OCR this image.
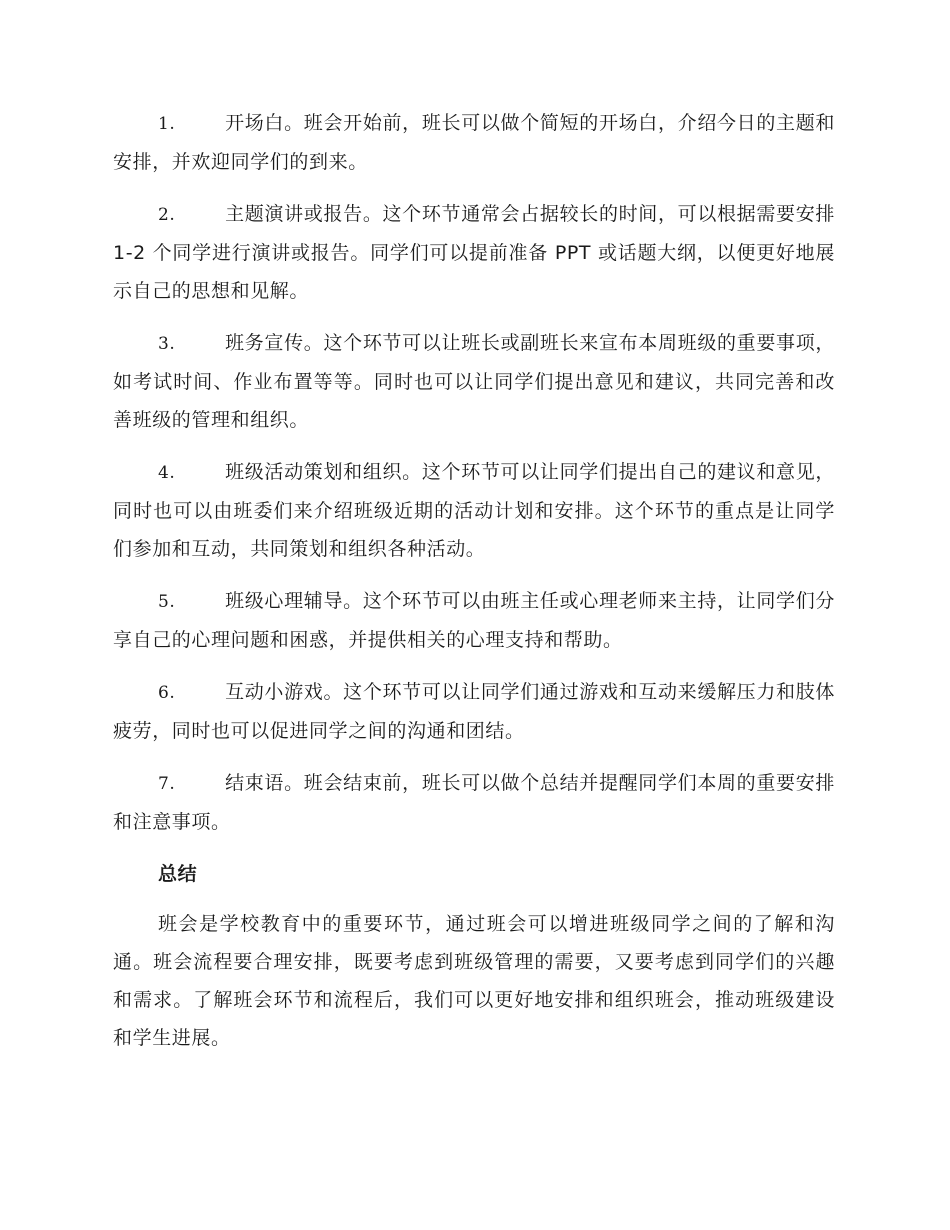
1.	开场白。班会开始前，班长可以做个简短的开场白，介绍今日的主题和安排，并欢迎同学们的到来。

2.	主题演讲或报告。这个环节通常会占据较长的时间，可以根据需要安排 1-2 个同学进行演讲或报告。同学们可以提前准备 PPT 或话题大纲，以便更好地展示自己的思想和见解。

3.	班务宣传。这个环节可以让班长或副班长来宣布本周班级的重要事项，如考试时间、作业布置等等。同时也可以让同学们提出意见和建议，共同完善和改善班级的管理和组织。

4.	班级活动策划和组织。这个环节可以让同学们提出自己的建议和意见，同时也可以由班委们来介绍班级近期的活动计划和安排。这个环节的重点是让同学们参加和互动，共同策划和组织各种活动。

5.	班级心理辅导。这个环节可以由班主任或心理老师来主持，让同学们分享自己的心理问题和困惑，并提供相关的心理支持和帮助。

6.	互动小游戏。这个环节可以让同学们通过游戏和互动来缓解压力和肢体疲劳，同时也可以促进同学之间的沟通和团结。

7.	结束语。班会结束前，班长可以做个总结并提醒同学们本周的重要安排和注意事项。

总结

班会是学校教育中的重要环节，通过班会可以增进班级同学之间的了解和沟通。班会流程要合理安排，既要考虑到班级管理的需要，又要考虑到同学们的兴趣和需求。了解班会环节和流程后，我们可以更好地安排和组织班会，推动班级建设和学生进展。
